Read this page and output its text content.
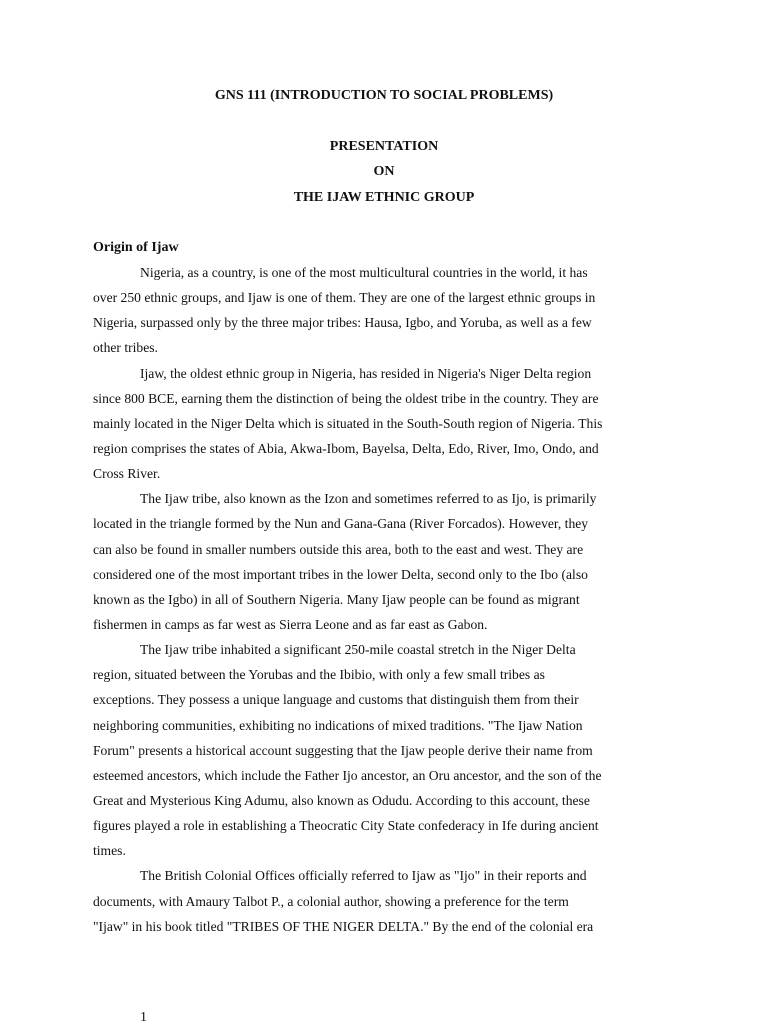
GNS 111 (INTRODUCTION TO SOCIAL PROBLEMS)
PRESENTATION
ON
THE IJAW ETHNIC GROUP
Origin of Ijaw
Nigeria, as a country, is one of the most multicultural countries in the world, it has
over 250 ethnic groups, and Ijaw is one of them. They are one of the largest ethnic groups in
Nigeria, surpassed only by the three major tribes: Hausa, Igbo, and Yoruba, as well as a few
other tribes.
Ijaw, the oldest ethnic group in Nigeria, has resided in Nigeria's Niger Delta region
since 800 BCE, earning them the distinction of being the oldest tribe in the country. They are
mainly located in the Niger Delta which is situated in the South-South region of Nigeria. This
region comprises the states of Abia, Akwa-Ibom, Bayelsa, Delta, Edo, River, Imo, Ondo, and
Cross River.
The Ijaw tribe, also known as the Izon and sometimes referred to as Ijo, is primarily
located in the triangle formed by the Nun and Gana-Gana (River Forcados). However, they
can also be found in smaller numbers outside this area, both to the east and west. They are
considered one of the most important tribes in the lower Delta, second only to the Ibo (also
known as the Igbo) in all of Southern Nigeria. Many Ijaw people can be found as migrant
fishermen in camps as far west as Sierra Leone and as far east as Gabon.
The Ijaw tribe inhabited a significant 250-mile coastal stretch in the Niger Delta
region, situated between the Yorubas and the Ibibio, with only a few small tribes as
exceptions. They possess a unique language and customs that distinguish them from their
neighboring communities, exhibiting no indications of mixed traditions. "The Ijaw Nation
Forum" presents a historical account suggesting that the Ijaw people derive their name from
esteemed ancestors, which include the Father Ijo ancestor, an Oru ancestor, and the son of the
Great and Mysterious King Adumu, also known as Odudu. According to this account, these
figures played a role in establishing a Theocratic City State confederacy in Ife during ancient
times.
The British Colonial Offices officially referred to Ijaw as "Ijo" in their reports and
documents, with Amaury Talbot P., a colonial author, showing a preference for the term
"Ijaw" in his book titled "TRIBES OF THE NIGER DELTA." By the end of the colonial era
1
